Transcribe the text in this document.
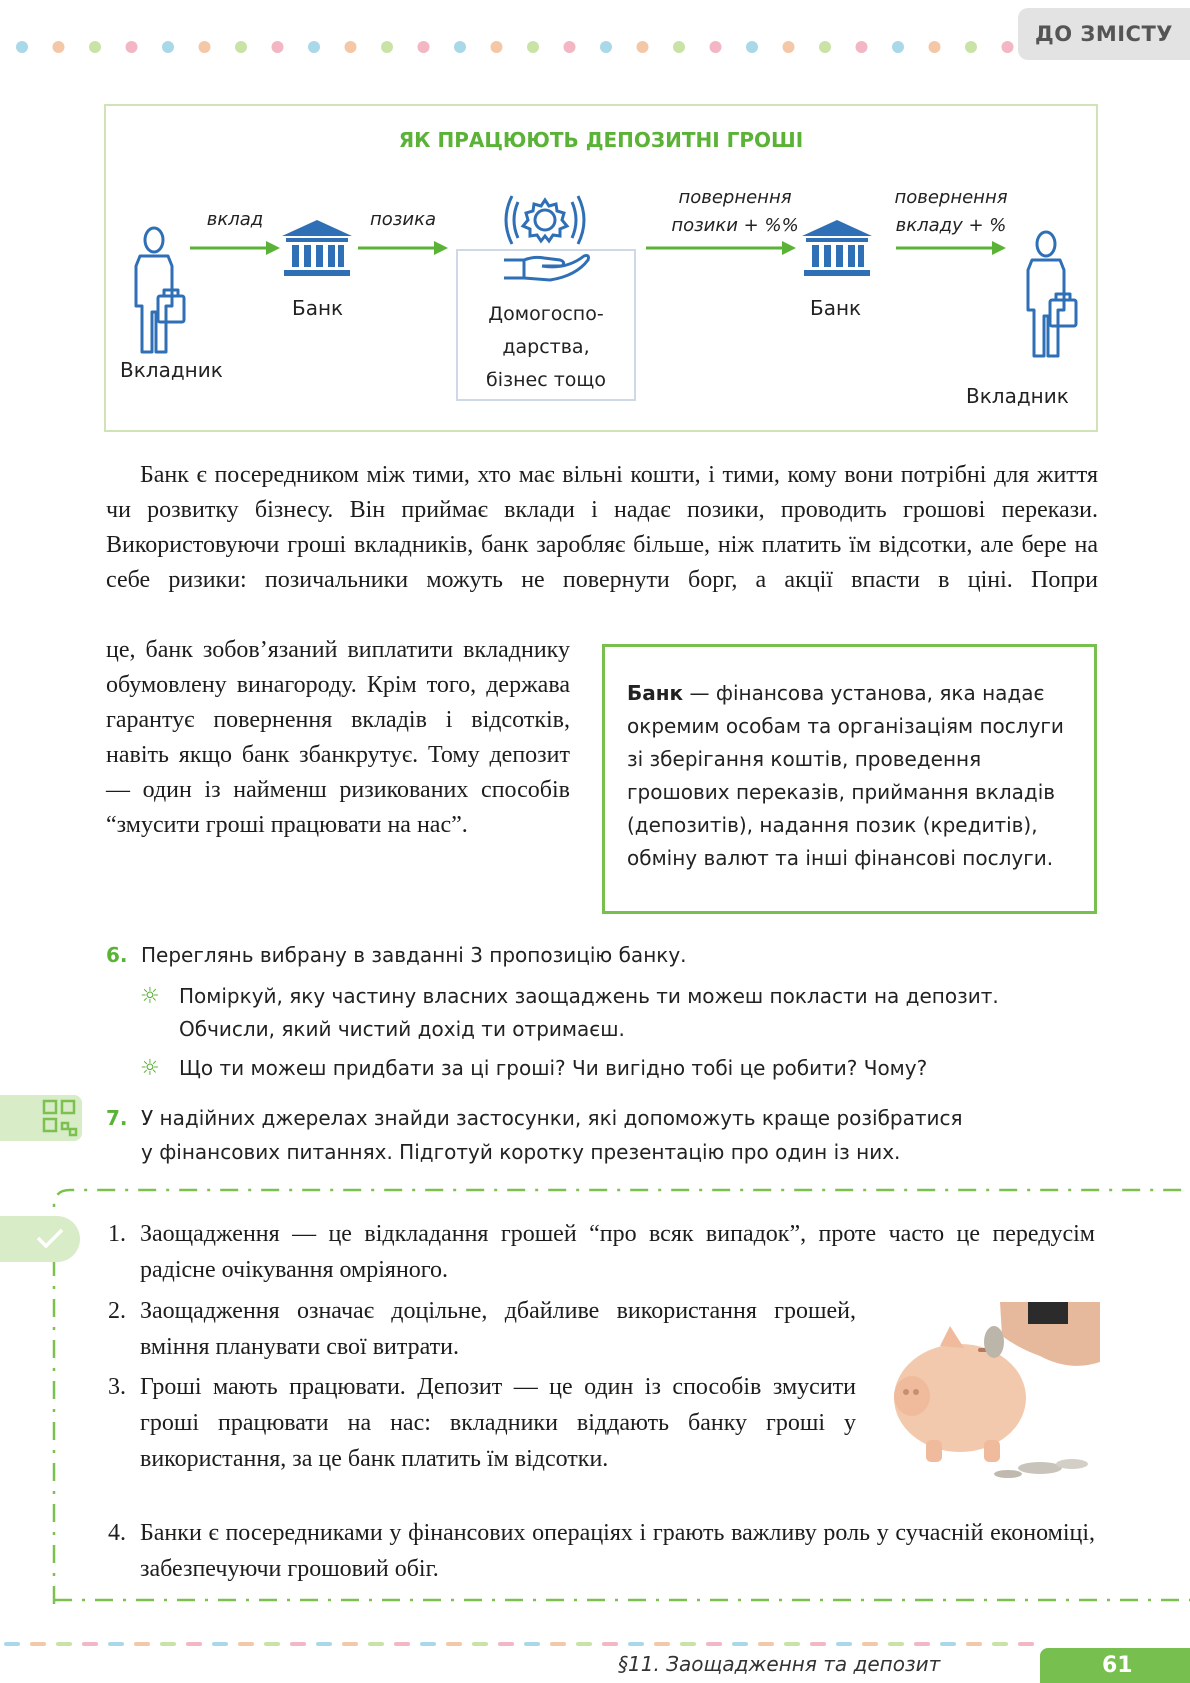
ДО ЗМІСТУ
ЯК ПРАЦЮЮТЬ ДЕПОЗИТНІ ГРОШІ
Вкладник
вклад
Банк
позика
Домогоспо-
дарства,
бізнес тощо
повернення
позики + %%
Банк
повернення
вкладу + %
Вкладник
Банк є посередником між тими, хто має вільні кошти, і тими, кому вони потрібні для життя чи розвитку бізнесу. Він приймає вклади і надає позики, проводить грошові перекази. Використовуючи гроші вкладників, банк заробляє більше, ніж платить їм відсотки, але бере на себе ризики: позичальники можуть не повернути борг, а акції впасти в ціні. Попри
це, банк зобов’язаний виплатити вкладнику обумовлену винагороду. Крім того, держава гарантує повернення вкладів і відсотків, навіть якщо банк збанкрутує. Тому депозит — один із найменш ризикованих способів “змусити гроші працювати на нас”.
Банк — фінансова установа, яка надає окремим особам та організаціям послуги зі зберігання коштів, проведення грошових переказів, приймання вкладів (депозитів), надання позик (кредитів), обміну валют та інші фінансові послуги.
6. Переглянь вибрану в завданні 3 пропозицію банку.
☼ Поміркуй, яку частину власних заощаджень ти можеш покласти на депозит.
Обчисли, який чистий дохід ти отримаєш.
☼ Що ти можеш придбати за ці гроші? Чи вигідно тобі це робити? Чому?
7. У надійних джерелах знайди застосунки, які допоможуть краще розібратися
у фінансових питаннях. Підготуй коротку презентацію про один із них.
1. Заощадження — це відкладання грошей “про всяк випадок”, проте часто це передусім радісне очікування омріяного.
2. Заощадження означає доцільне, дбайливе використання грошей, вміння планувати свої витрати.
3. Гроші мають працювати. Депозит — це один із способів змусити гроші працювати на нас: вкладники віддають банку гроші у використання, за це банк платить їм відсотки.
4. Банки є посередниками у фінансових операціях і грають важливу роль у сучасній економіці, забезпечуючи грошовий обіг.
§11. Заощадження та депозит	61
